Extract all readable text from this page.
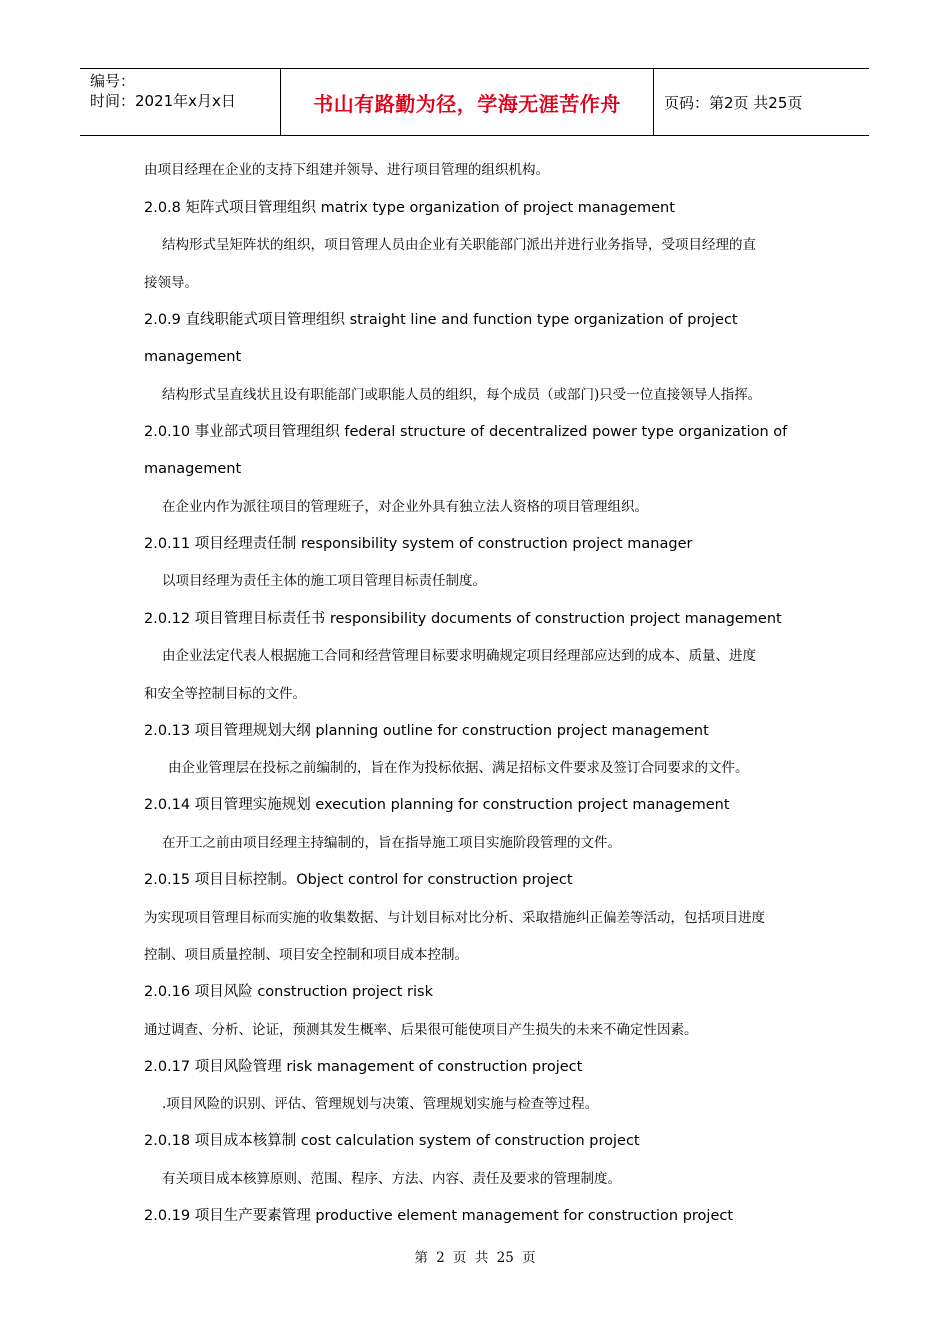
编号：
时间：2021年x月x日	书山有路勤为径，学海无涯苦作舟	页码：第2页 共25页
由项目经理在企业的支持下组建并领导、进行项目管理的组织机构。
2.0.8 矩阵式项目管理组织 matrix type organization of project management
结构形式呈矩阵状的组织，项目管理人员由企业有关职能部门派出并进行业务指导，受项目经理的直
接领导。
2.0.9 直线职能式项目管理组织 straight line and function type organization of project
management
结构形式呈直线状且设有职能部门或职能人员的组织，每个成员（或部门)只受一位直接领导人指挥。
2.0.10 事业部式项目管理组织 federal structure of decentralized power type organization of
management
在企业内作为派往项目的管理班子，对企业外具有独立法人资格的项目管理组织。
2.0.11 项目经理责任制 responsibility system of construction project manager
以项目经理为责任主体的施工项目管理目标责任制度。
2.0.12 项目管理目标责任书 responsibility documents of construction project management
由企业法定代表人根据施工合同和经营管理目标要求明确规定项目经理部应达到的成本、质量、进度
和安全等控制目标的文件。
2.0.13 项目管理规划大纲 planning outline for construction project management
由企业管理层在投标之前编制的，旨在作为投标依据、满足招标文件要求及签订合同要求的文件。
2.0.14 项目管理实施规划 execution planning for construction project management
在开工之前由项目经理主持编制的，旨在指导施工项目实施阶段管理的文件。
2.0.15 项目目标控制。Object control for construction project
为实现项目管理目标而实施的收集数据、与计划目标对比分析、采取措施纠正偏差等活动，包括项目进度
控制、项目质量控制、项目安全控制和项目成本控制。
2.0.16 项目风险 construction project risk
通过调查、分析、论证，预测其发生概率、后果很可能使项目产生损失的未来不确定性因素。
2.0.17 项目风险管理 risk management of construction project
.项目风险的识别、评估、管理规划与决策、管理规划实施与检查等过程。
2.0.18 项目成本核算制 cost calculation system of construction project
有关项目成本核算原则、范围、程序、方法、内容、责任及要求的管理制度。
2.0.19 项目生产要素管理 productive element management for construction project
第 2 页 共 25 页
